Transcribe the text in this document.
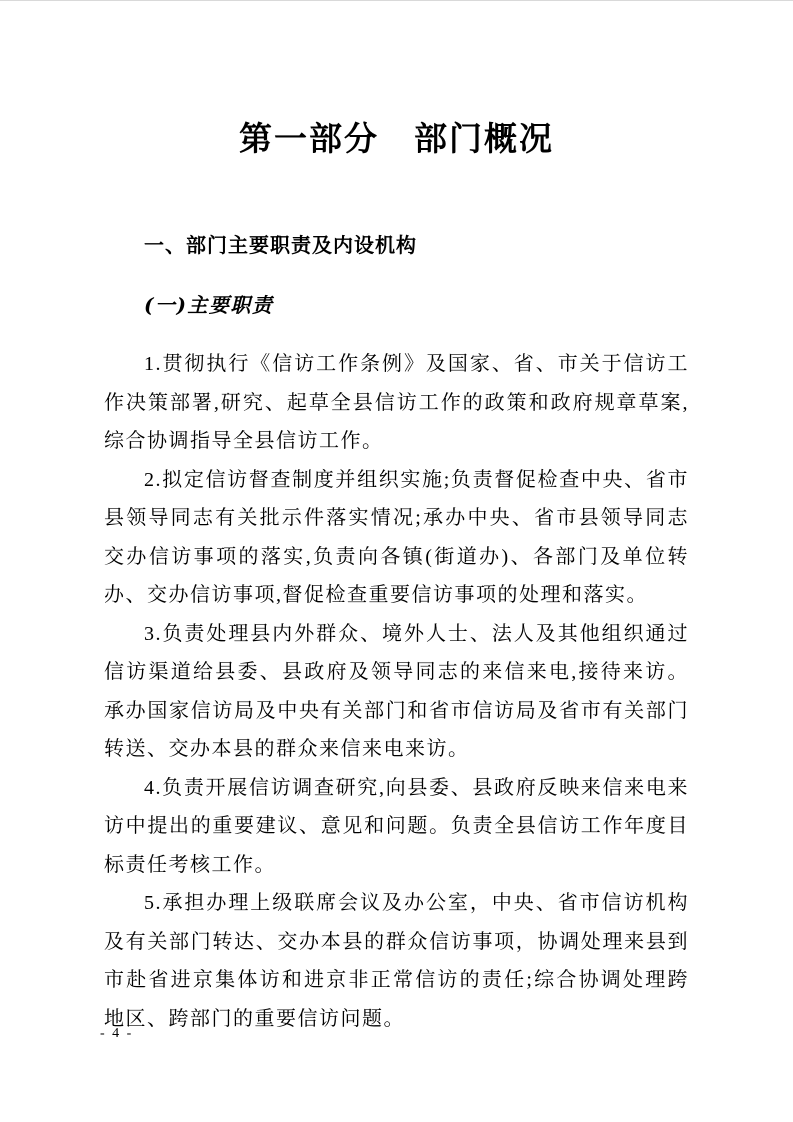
第一部分　部门概况
一、部门主要职责及内设机构
(一)主要职责

1.贯彻执行《信访工作条例》及国家、省、市关于信访工作决策部署,研究、起草全县信访工作的政策和政府规章草案,综合协调指导全县信访工作。

2.拟定信访督查制度并组织实施;负责督促检查中央、省市县领导同志有关批示件落实情况;承办中央、省市县领导同志交办信访事项的落实,负责向各镇(街道办)、各部门及单位转办、交办信访事项,督促检查重要信访事项的处理和落实。

3.负责处理县内外群众、境外人士、法人及其他组织通过信访渠道给县委、县政府及领导同志的来信来电,接待来访。承办国家信访局及中央有关部门和省市信访局及省市有关部门转送、交办本县的群众来信来电来访。

4.负责开展信访调查研究,向县委、县政府反映来信来电来访中提出的重要建议、意见和问题。负责全县信访工作年度目标责任考核工作。

5.承担办理上级联席会议及办公室，中央、省市信访机构及有关部门转达、交办本县的群众信访事项，协调处理来县到市赴省进京集体访和进京非正常信访的责任;综合协调处理跨地区、跨部门的重要信访问题。

- 4 -
